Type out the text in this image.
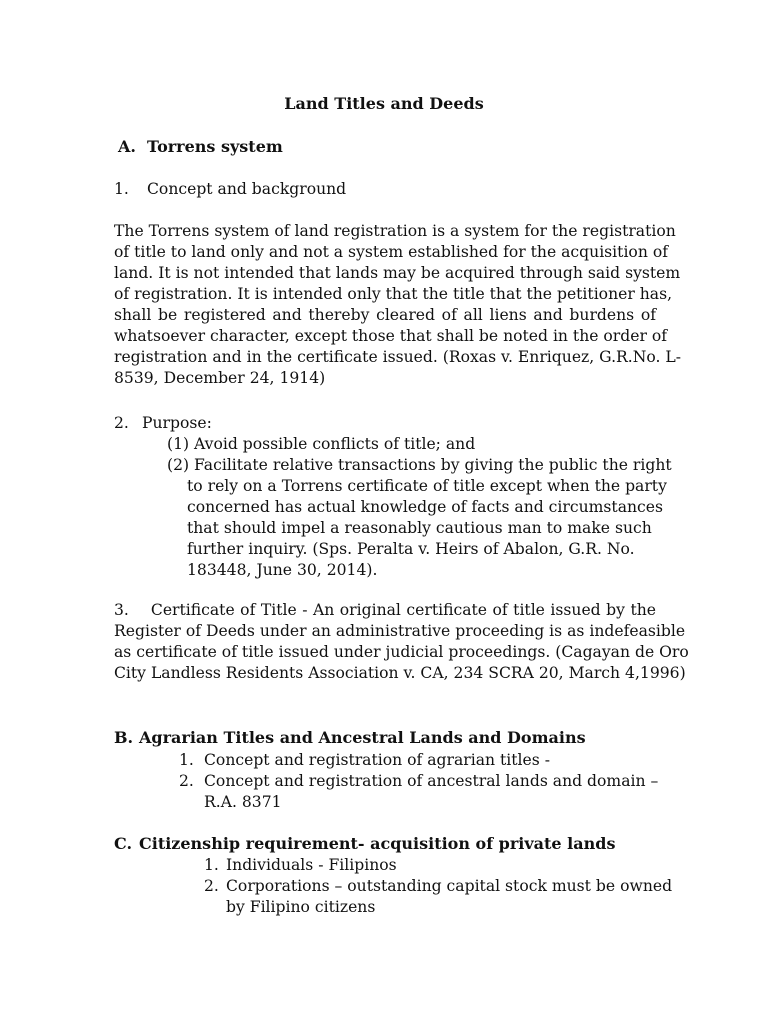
Land Titles and Deeds
A. Torrens system
1. Concept and background
The Torrens system of land registration is a system for the registration
of title to land only and not a system established for the acquisition of
land. It is not intended that lands may be acquired through said system
of registration. It is intended only that the title that the petitioner has,
shall be registered and thereby cleared of all liens and burdens of
whatsoever character, except those that shall be noted in the order of
registration and in the certificate issued. (Roxas v. Enriquez, G.R.No. L-
8539, December 24, 1914)
2. Purpose:
(1) Avoid possible conflicts of title; and
(2) Facilitate relative transactions by giving the public the right
to rely on a Torrens certificate of title except when the party
concerned has actual knowledge of facts and circumstances
that should impel a reasonably cautious man to make such
further inquiry. (Sps. Peralta v. Heirs of Abalon, G.R. No.
183448, June 30, 2014).
3.    Certificate of Title - An original certificate of title issued by the
Register of Deeds under an administrative proceeding is as indefeasible
as certificate of title issued under judicial proceedings. (Cagayan de Oro
City Landless Residents Association v. CA, 234 SCRA 20, March 4,1996)
B. Agrarian Titles and Ancestral Lands and Domains
1. Concept and registration of agrarian titles -
2. Concept and registration of ancestral lands and domain –
R.A. 8371
C. Citizenship requirement- acquisition of private lands
1. Individuals - Filipinos
2. Corporations – outstanding capital stock must be owned
by Filipino citizens
